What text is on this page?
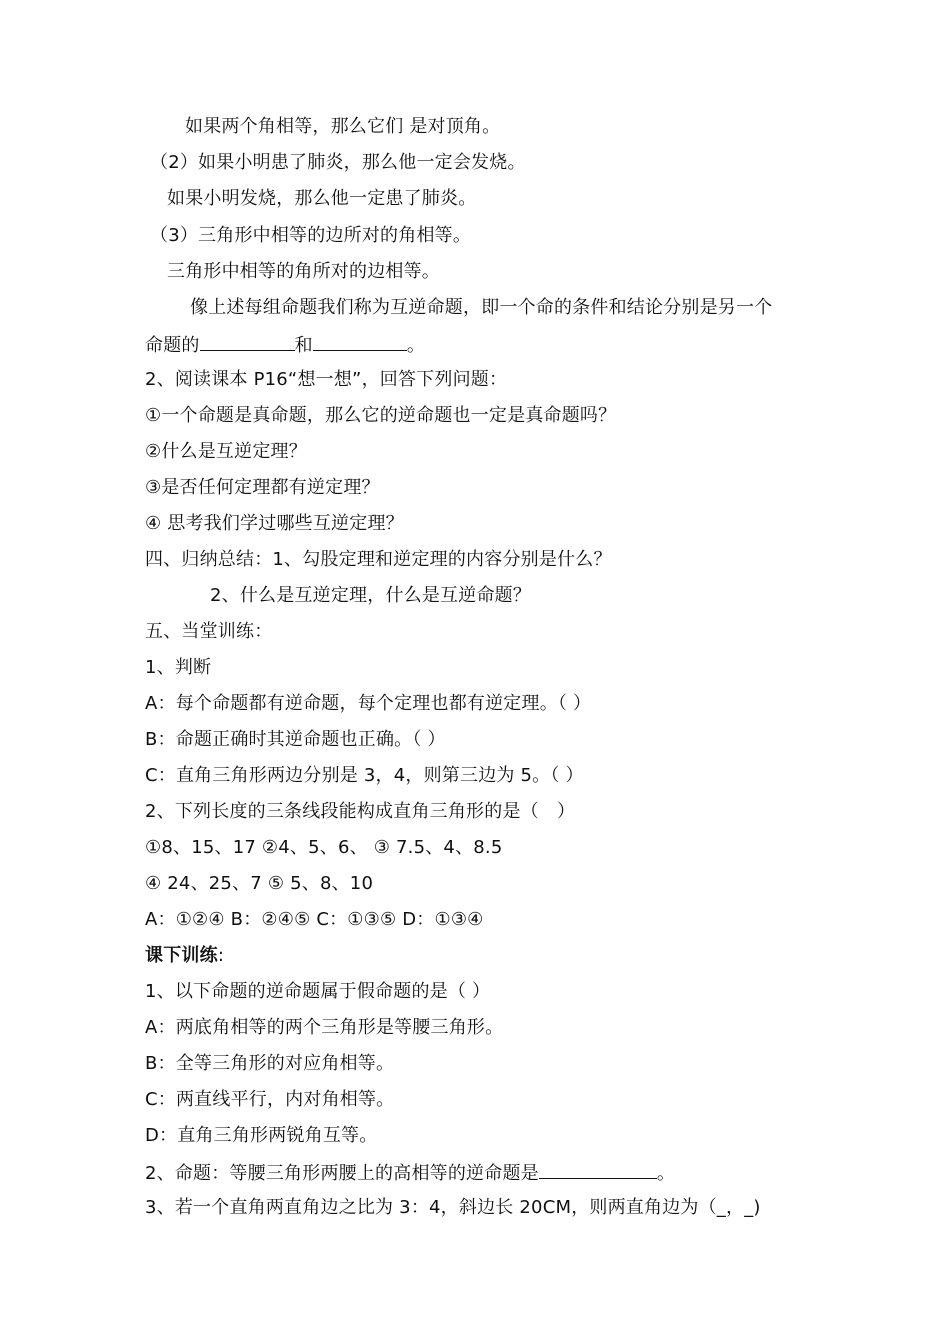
如果两个角相等，那么它们 是对顶角。
（2）如果小明患了肺炎，那么他一定会发烧。
如果小明发烧，那么他一定患了肺炎。
（3）三角形中相等的边所对的角相等。
三角形中相等的角所对的边相等。
像上述每组命题我们称为互逆命题，即一个命的条件和结论分别是另一个
命题的	和	。
2、阅读课本 P16“想一想”，回答下列问题：
①一个命题是真命题，那么它的逆命题也一定是真命题吗？
②什么是互逆定理？
③是否任何定理都有逆定理？
④ 思考我们学过哪些互逆定理？
四、归纳总结：1、勾股定理和逆定理的内容分别是什么？
2、什么是互逆定理，什么是互逆命题？
五、当堂训练：
1、判断
A：每个命题都有逆命题，每个定理也都有逆定理。（ ）
B：命题正确时其逆命题也正确。（ ）
C：直角三角形两边分别是 3，4，则第三边为 5。（ ）
2、下列长度的三条线段能构成直角三角形的是（　）
①8、15、17 ②4、5、6、 ③ 7.5、4、8.5
④ 24、25、7 ⑤ 5、8、10
A：①②④ B：②④⑤ C：①③⑤ D：①③④
课下训练:
1、以下命题的逆命题属于假命题的是（ ）
A：两底角相等的两个三角形是等腰三角形。
B：全等三角形的对应角相等。
C：两直线平行，内对角相等。
D：直角三角形两锐角互等。
2、命题：等腰三角形两腰上的高相等的逆命题是	。
3、若一个直角两直角边之比为 3：4，斜边长 20CM，则两直角边为（_，_)
